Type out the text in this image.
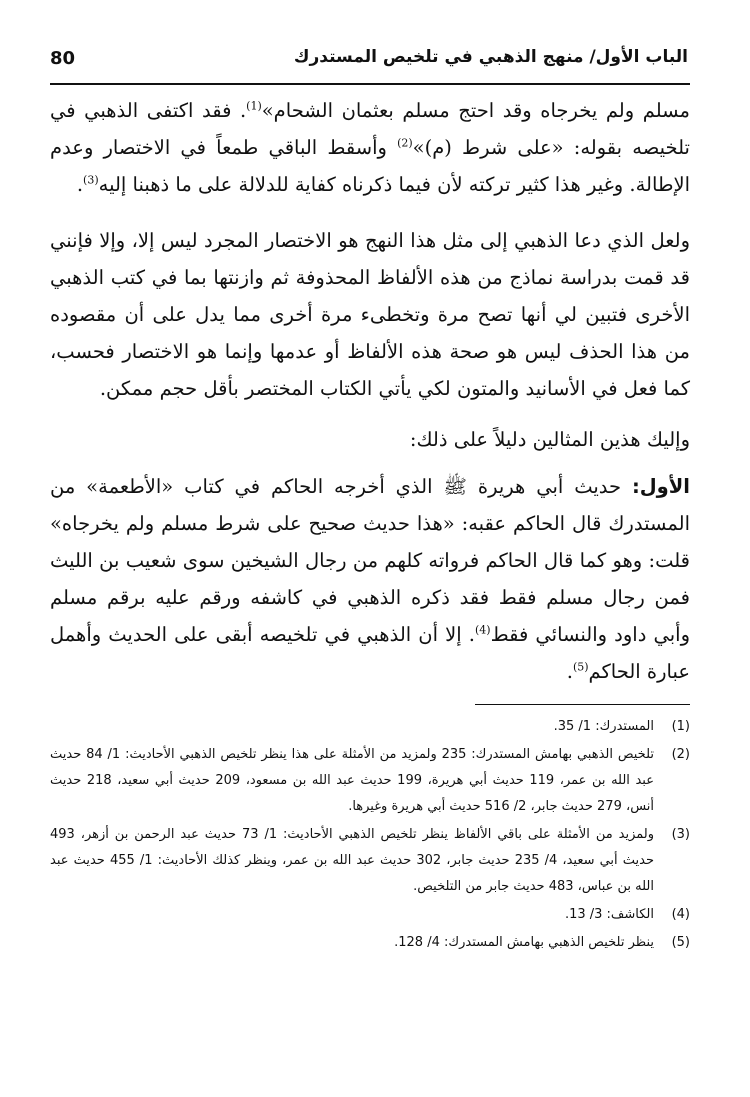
الباب الأول/ منهج الذهبي في تلخيص المستدرك
80

مسلم ولم يخرجاه وقد احتج مسلم بعثمان الشحام»$^{(1)}$. فقد اكتفى الذهبي في تلخيصه بقوله: «على شرط (م)»$^{(2)}$ وأسقط الباقي طمعاً في الاختصار وعدم الإطالة. وغير هذا كثير تركته لأن فيما ذكرناه كفاية للدلالة على ما ذهبنا إليه$^{(3)}$.

ولعل الذي دعا الذهبي إلى مثل هذا النهج هو الاختصار المجرد ليس إلا، وإلا فإنني قد قمت بدراسة نماذج من هذه الألفاظ المحذوفة ثم وازنتها بما في كتب الذهبي الأخرى فتبين لي أنها تصح مرة وتخطىء مرة أخرى مما يدل على أن مقصوده من هذا الحذف ليس هو صحة هذه الألفاظ أو عدمها وإنما هو الاختصار فحسب، كما فعل في الأسانيد والمتون لكي يأتي الكتاب المختصر بأقل حجم ممكن.

وإليك هذين المثالين دليلاً على ذلك:

الأول: حديث أبي هريرة ﷺ الذي أخرجه الحاكم في كتاب «الأطعمة» من المستدرك قال الحاكم عقبه: «هذا حديث صحيح على شرط مسلم ولم يخرجاه» قلت: وهو كما قال الحاكم فرواته كلهم من رجال الشيخين سوى شعيب بن الليث فمن رجال مسلم فقط فقد ذكره الذهبي في كاشفه ورقم عليه برقم مسلم وأبي داود والنسائي فقط$^{(4)}$. إلا أن الذهبي في تلخيصه أبقى على الحديث وأهمل عبارة الحاكم$^{(5)}$.

(1)
المستدرك: 1/ 35.
(2)
تلخيص الذهبي بهامش المستدرك: 235 ولمزيد من الأمثلة على هذا ينظر تلخيص الذهبي الأحاديث: 1/ 84 حديث عبد الله بن عمر، 119 حديث أبي هريرة، 199 حديث عبد الله بن مسعود، 209 حديث أبي سعيد، 218 حديث أنس، 279 حديث جابر، 2/ 516 حديث أبي هريرة وغيرها.
(3)
ولمزيد من الأمثلة على باقي الألفاظ ينظر تلخيص الذهبي الأحاديث: 1/ 73 حديث عبد الرحمن بن أزهر، 493 حديث أبي سعيد، 4/ 235 حديث جابر، 302 حديث عبد الله بن عمر، وينظر كذلك الأحاديث: 1/ 455 حديث عبد الله بن عباس، 483 حديث جابر من التلخيص.
(4)
الكاشف: 3/ 13.
(5)
ينظر تلخيص الذهبي بهامش المستدرك: 4/ 128.
